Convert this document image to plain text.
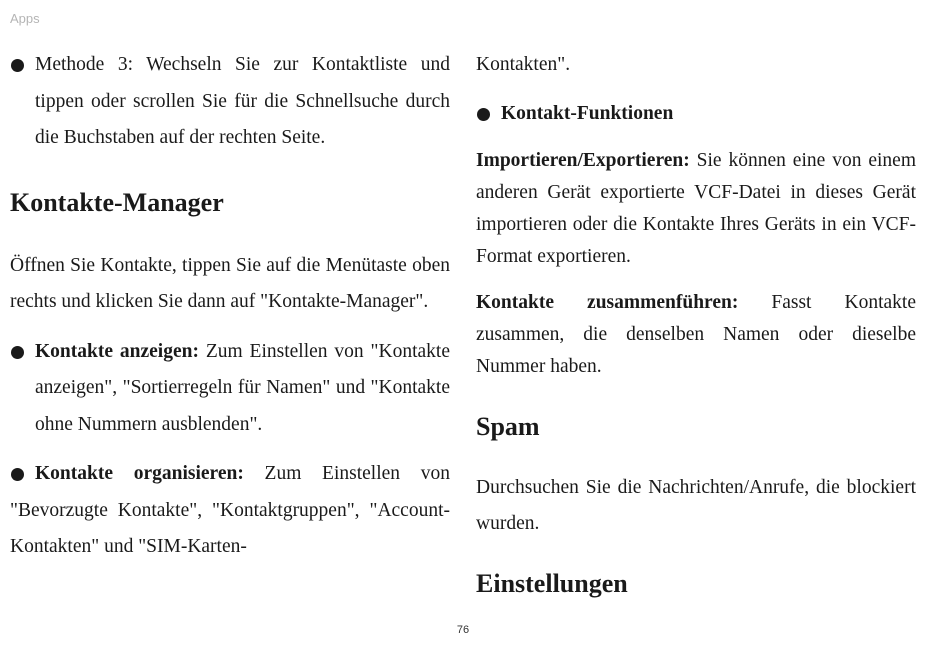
Apps

Methode 3: Wechseln Sie zur Kontaktliste und tippen oder scrollen Sie für die Schnellsuche durch die Buchstaben auf der rechten Seite.

Kontakte-Manager

Öffnen Sie Kontakte, tippen Sie auf die Menütaste oben rechts und klicken Sie dann auf "Kontakte-Manager".

Kontakte anzeigen: Zum Einstellen von "Kontakte anzeigen", "Sortierregeln für Namen" und "Kontakte ohne Nummern ausblenden".

Kontakte organisieren: Zum Einstellen von "Bevorzugte Kontakte", "Kontaktgruppen", "Account-Kontakten" und "SIM-Karten-

Kontakten".

Kontakt-Funktionen

Importieren/Exportieren: Sie können eine von einem anderen Gerät exportierte VCF-Datei in dieses Gerät importieren oder die Kontakte Ihres Geräts in ein VCF-Format exportieren.

Kontakte zusammenführen: Fasst Kontakte zusammen, die denselben Namen oder dieselbe Nummer haben.

Spam

Durchsuchen Sie die Nachrichten/Anrufe, die blockiert wurden.

Einstellungen
76
